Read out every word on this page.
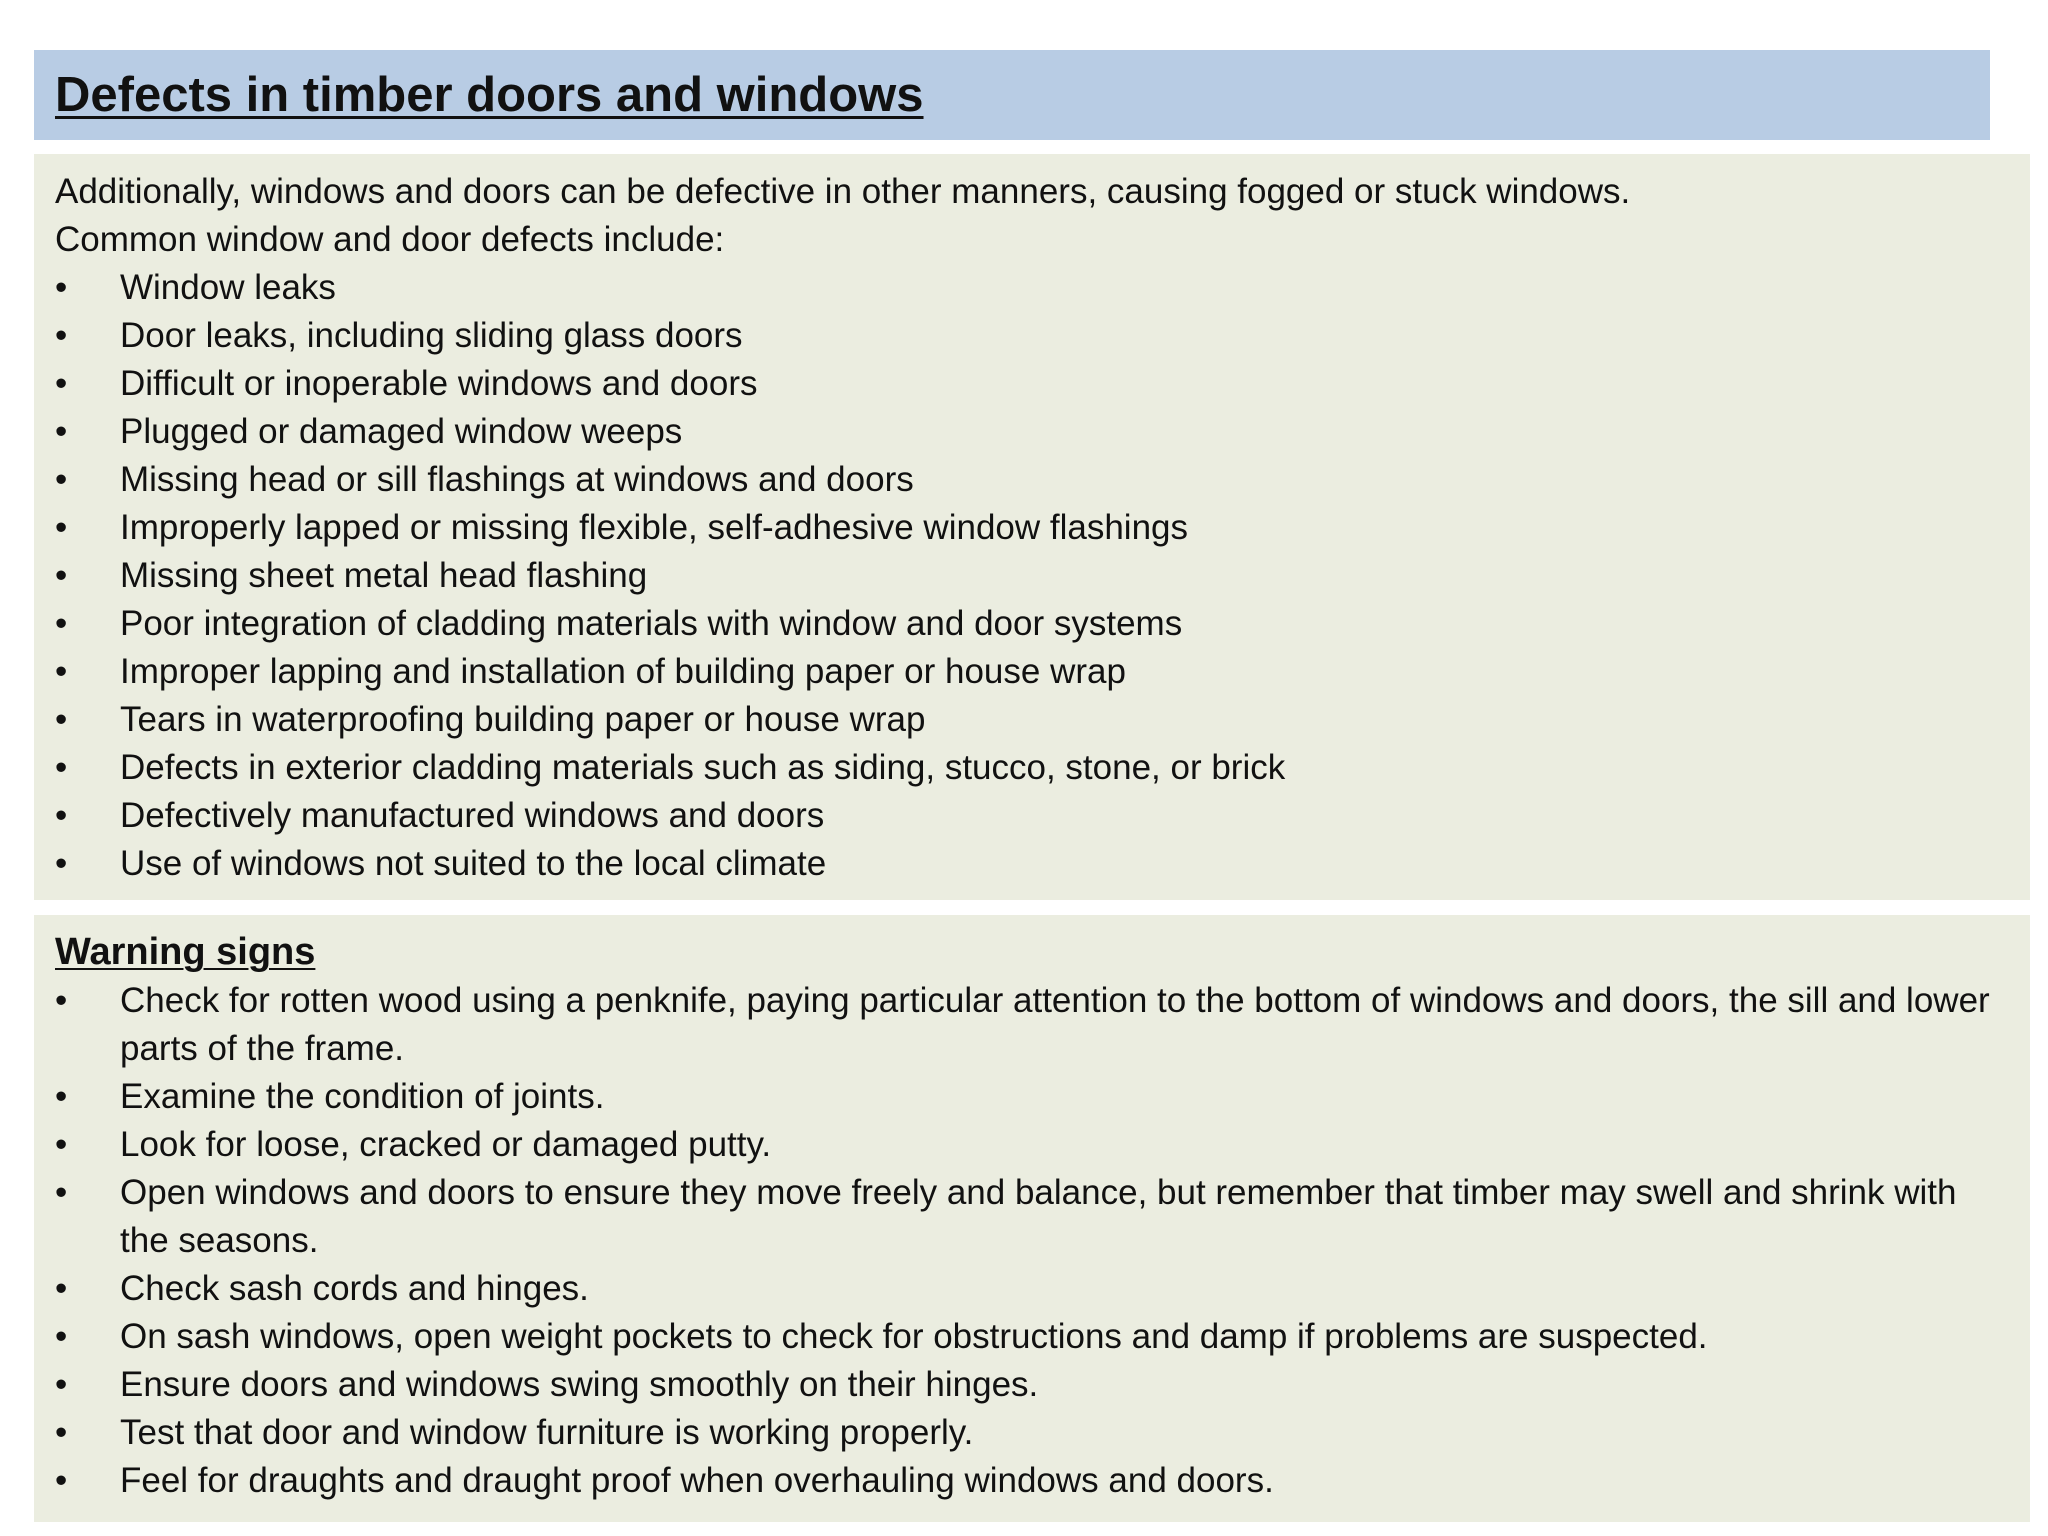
Defects in timber doors and windows

Additionally, windows and doors can be defective in other manners, causing fogged or stuck windows.

Common window and door defects include:

•	Window leaks
•	Door leaks, including sliding glass doors
•	Difficult or inoperable windows and doors
•	Plugged or damaged window weeps
•	Missing head or sill flashings at windows and doors
•	Improperly lapped or missing flexible, self-adhesive window flashings
•	Missing sheet metal head flashing
•	Poor integration of cladding materials with window and door systems
•	Improper lapping and installation of building paper or house wrap
•	Tears in waterproofing building paper or house wrap
•	Defects in exterior cladding materials such as siding, stucco, stone, or brick
•	Defectively manufactured windows and doors
•	Use of windows not suited to the local climate
Warning signs
•	Check for rotten wood using a penknife, paying particular attention to the bottom of windows and doors, the sill and lower parts of the frame.
•	Examine the condition of joints.
•	Look for loose, cracked or damaged putty.
•	Open windows and doors to ensure they move freely and balance, but remember that timber may swell and shrink with the seasons.
•	Check sash cords and hinges.
•	On sash windows, open weight pockets to check for obstructions and damp if problems are suspected.
•	Ensure doors and windows swing smoothly on their hinges.
•	Test that door and window furniture is working properly.
•	Feel for draughts and draught proof when overhauling windows and doors.
